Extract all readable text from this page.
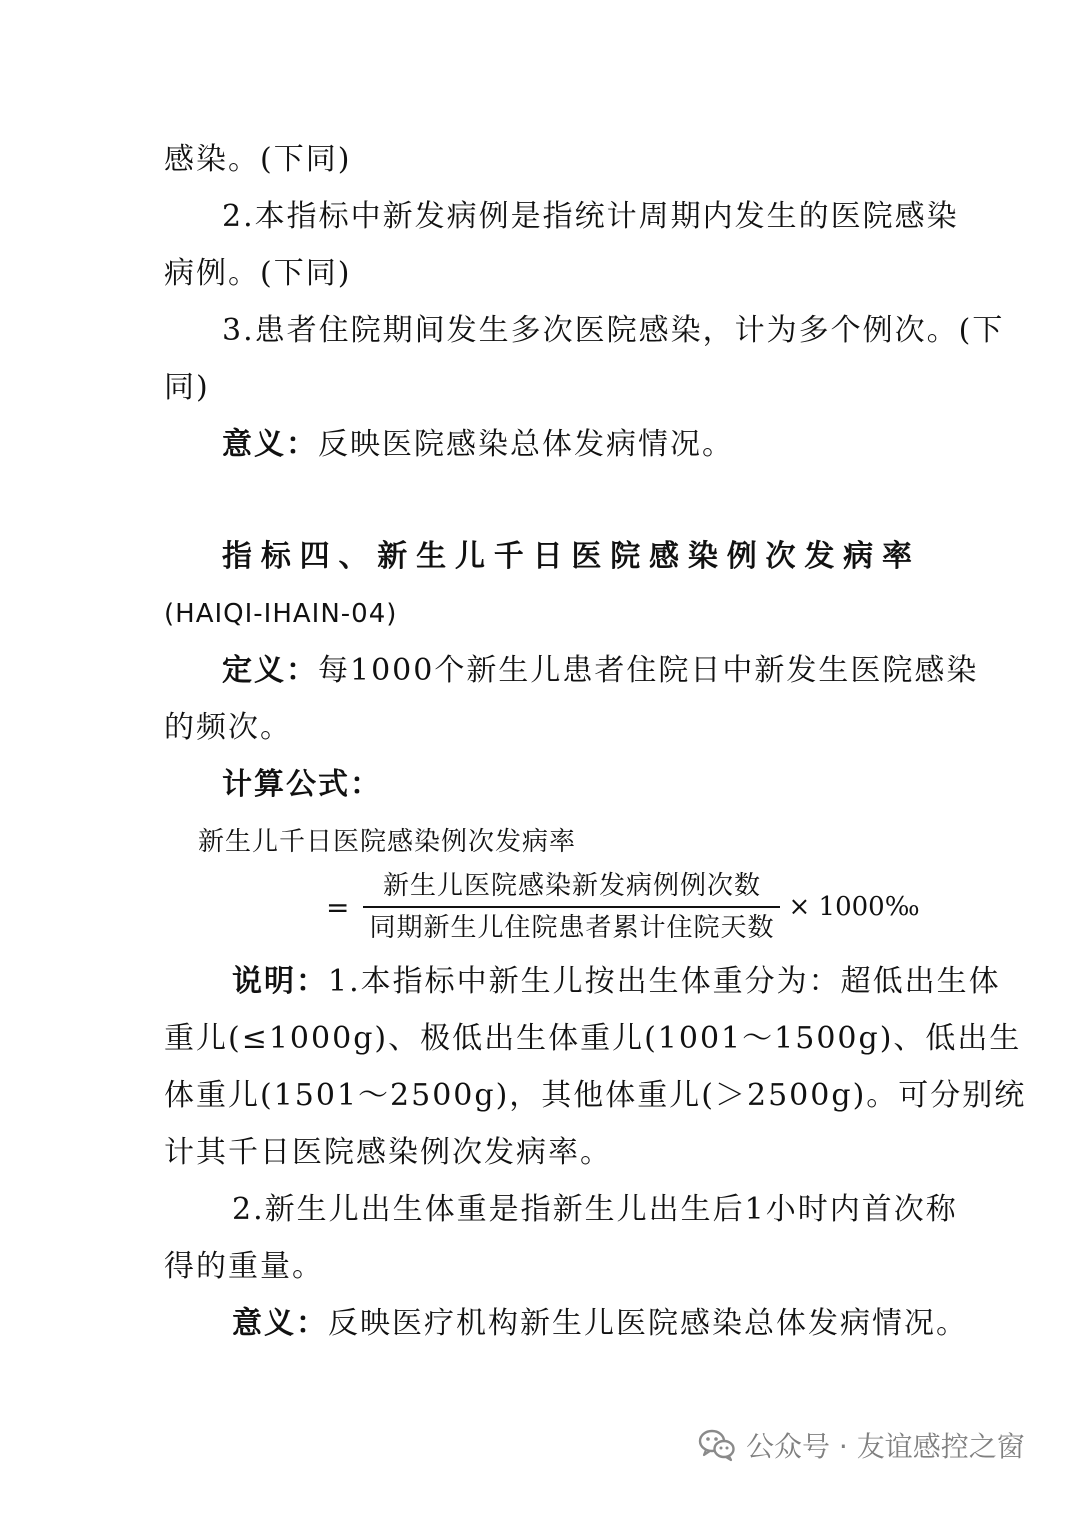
感染。(下同)
2.本指标中新发病例是指统计周期内发生的医院感染
病例。(下同)
3.患者住院期间发生多次医院感染，计为多个例次。(下
同)
意义：反映医院感染总体发病情况。
指标四、新生儿千日医院感染例次发病率
(HAIQI-IHAIN-04)
定义：每1000个新生儿患者住院日中新发生医院感染
的频次。
计算公式：
新生儿千日医院感染例次发病率
= $\frac{\text{新生儿医院感染新发病例例次数}}{\text{同期新生儿住院患者累计住院天数}}$ × 1000‰
说明：1.本指标中新生儿按出生体重分为：超低出生体
重儿(≤1000g)、极低出生体重儿(1001～1500g)、低出生
体重儿(1501～2500g)，其他体重儿(＞2500g)。可分别统
计其千日医院感染例次发病率。
2.新生儿出生体重是指新生儿出生后1小时内首次称
得的重量。
意义：反映医疗机构新生儿医院感染总体发病情况。
公众号 · 友谊感控之窗
